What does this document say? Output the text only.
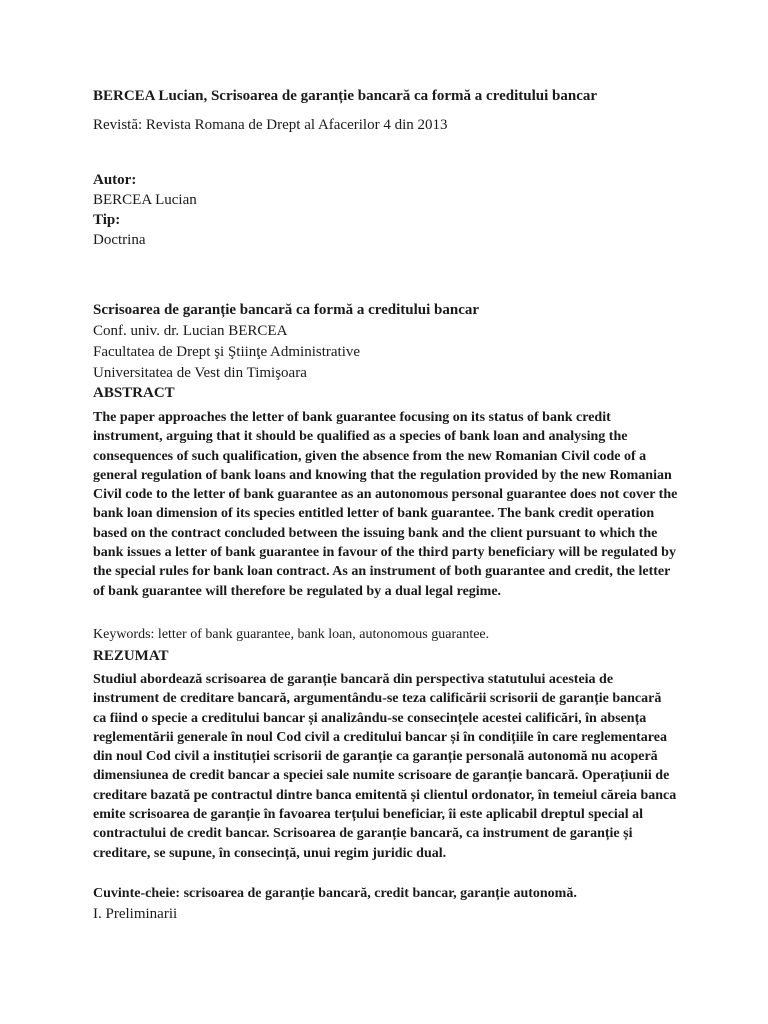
BERCEA Lucian, Scrisoarea de garanție bancară ca formă a creditului bancar

Revistă: Revista Romana de Drept al Afacerilor 4 din 2013

Autor:
BERCEA Lucian
Tip:
Doctrina
Scrisoarea de garanție bancară ca formă a creditului bancar
Conf. univ. dr. Lucian BERCEA
Facultatea de Drept şi Ştiinţe Administrative
Universitatea de Vest din Timişoara

ABSTRACT

The paper approaches the letter of bank guarantee focusing on its status of bank credit instrument, arguing that it should be qualified as a species of bank loan and analysing the consequences of such qualification, given the absence from the new Romanian Civil code of a general regulation of bank loans and knowing that the regulation provided by the new Romanian Civil code to the letter of bank guarantee as an autonomous personal guarantee does not cover the bank loan dimension of its species entitled letter of bank guarantee. The bank credit operation based on the contract concluded between the issuing bank and the client pursuant to which the bank issues a letter of bank guarantee in favour of the third party beneficiary will be regulated by the special rules for bank loan contract. As an instrument of both guarantee and credit, the letter of bank guarantee will therefore be regulated by a dual legal regime.

Keywords: letter of bank guarantee, bank loan, autonomous guarantee.

REZUMAT

Studiul abordează scrisoarea de garanție bancară din perspectiva statutului acesteia de instrument de creditare bancară, argumentându-se teza calificării scrisorii de garanție bancară ca fiind o specie a creditului bancar și analizându-se consecințele acestei calificări, în absența reglementării generale în noul Cod civil a creditului bancar și în condițiile în care reglementarea din noul Cod civil a instituției scrisorii de garanție ca garanție personală autonomă nu acoperă dimensiunea de credit bancar a speciei sale numite scrisoare de garanție bancară. Operațiunii de creditare bazată pe contractul dintre banca emitentă și clientul ordonator, în temeiul căreia banca emite scrisoarea de garanție în favoarea terțului beneficiar, îi este aplicabil dreptul special al contractului de credit bancar. Scrisoarea de garanție bancară, ca instrument de garanție și creditare, se supune, în consecință, unui regim juridic dual.

Cuvinte-cheie: scrisoarea de garanție bancară, credit bancar, garanție autonomă.

I. Preliminarii
